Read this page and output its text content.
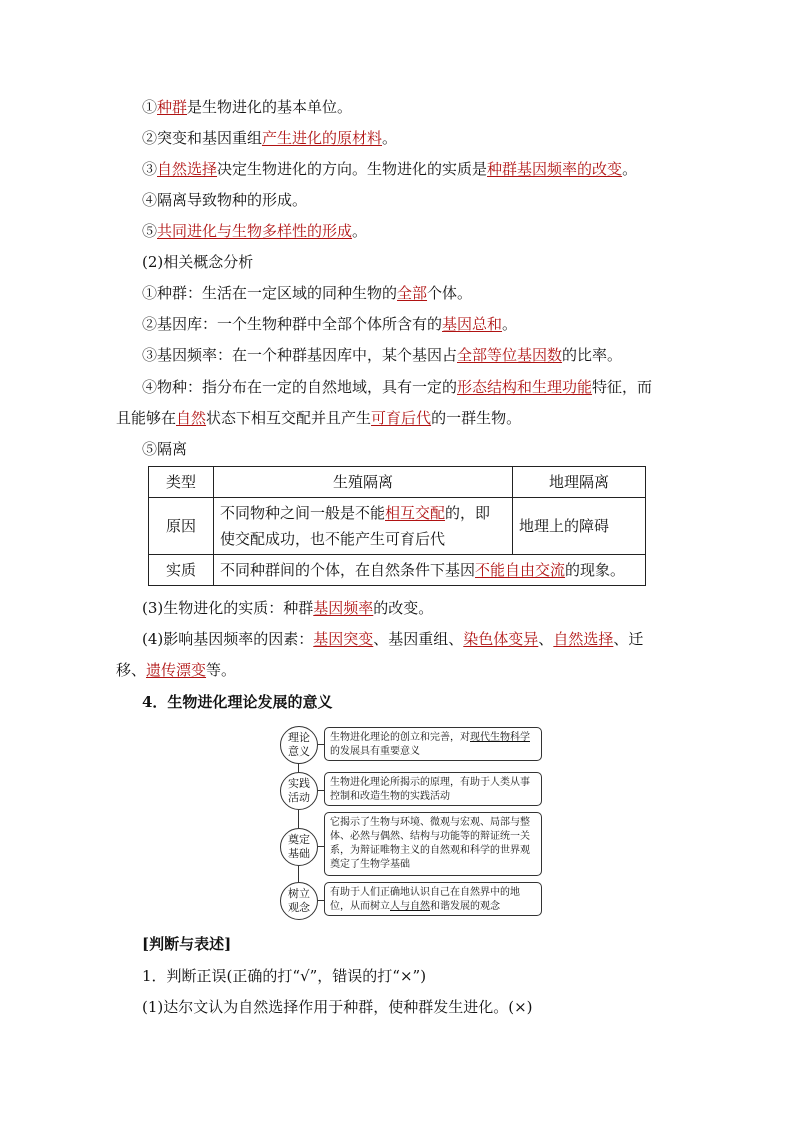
①种群是生物进化的基本单位。
②突变和基因重组产生进化的原材料。
③自然选择决定生物进化的方向。生物进化的实质是种群基因频率的改变。
④隔离导致物种的形成。
⑤共同进化与生物多样性的形成。
(2)相关概念分析
①种群：生活在一定区域的同种生物的全部个体。
②基因库：一个生物种群中全部个体所含有的基因总和。
③基因频率：在一个种群基因库中，某个基因占全部等位基因数的比率。
④物种：指分布在一定的自然地域，具有一定的形态结构和生理功能特征，而
且能够在自然状态下相互交配并且产生可育后代的一群生物。
⑤隔离
类型	生殖隔离	地理隔离
原因	不同物种之间一般是不能相互交配的，即
使交配成功，也不能产生可育后代	地理上的障碍
实质	不同种群间的个体，在自然条件下基因不能自由交流的现象。	
(3)生物进化的实质：种群基因频率的改变。
(4)影响基因频率的因素：基因突变、基因重组、染色体变异、自然选择、迁
移、遗传漂变等。
4．生物进化理论发展的意义
理论意义
生物进化理论的创立和完善，对现代生物科学的发展具有重要意义
实践活动
生物进化理论所揭示的原理，有助于人类从事控制和改造生物的实践活动
奠定基础
它揭示了生物与环境、微观与宏观、局部与整体、必然与偶然、结构与功能等的辩证统一关系，为辩证唯物主义的自然观和科学的世界观奠定了生物学基础
树立观念
有助于人们正确地认识自己在自然界中的地位，从而树立人与自然和谐发展的观念
[判断与表述]
1．判断正误(正确的打“√”，错误的打“×”)
(1)达尔文认为自然选择作用于种群，使种群发生进化。(×)
